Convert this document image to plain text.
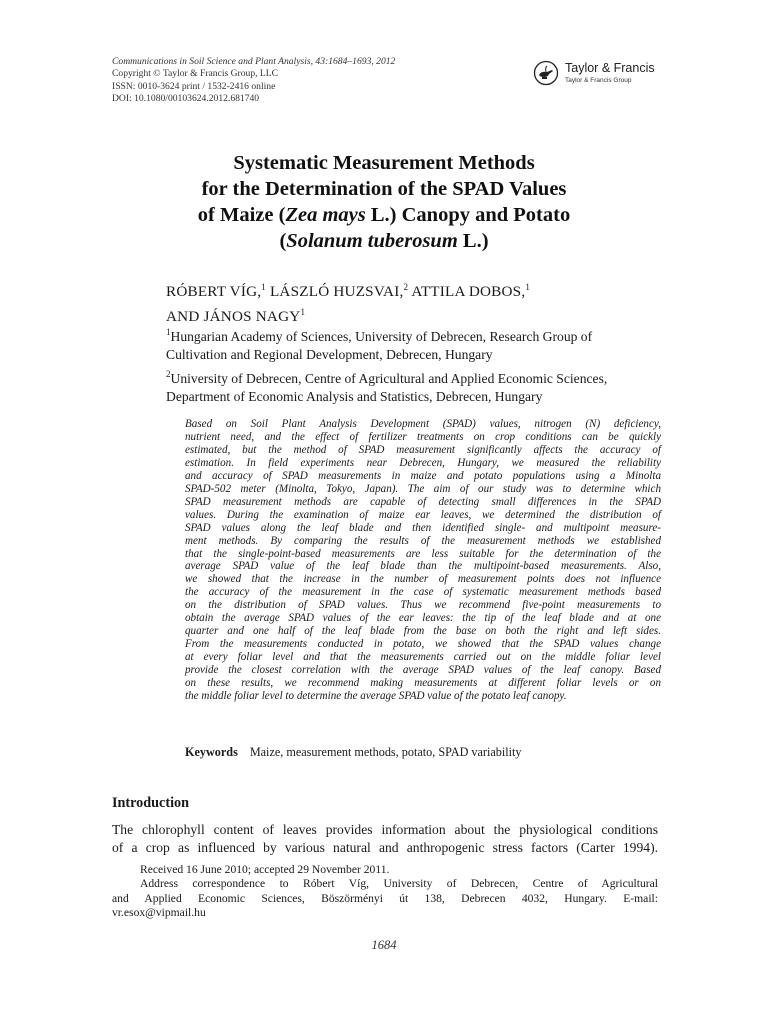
Communications in Soil Science and Plant Analysis, 43:1684–1693, 2012
Copyright © Taylor & Francis Group, LLC
ISSN: 0010-3624 print / 1532-2416 online
DOI: 10.1080/00103624.2012.681740
Taylor & Francis
Taylor & Francis Group
Systematic Measurement Methods
for the Determination of the SPAD Values
of Maize (Zea mays L.) Canopy and Potato
(Solanum tuberosum L.)
RÓBERT VÍG,$^1$ LÁSZLÓ HUZSVAI,$^2$ ATTILA DOBOS,$^1$
AND JÁNOS NAGY$^1$
$^1$Hungarian Academy of Sciences, University of Debrecen, Research Group of
Cultivation and Regional Development, Debrecen, Hungary
$^2$University of Debrecen, Centre of Agricultural and Applied Economic Sciences,
Department of Economic Analysis and Statistics, Debrecen, Hungary
Based on Soil Plant Analysis Development (SPAD) values, nitrogen (N) deficiency,
nutrient need, and the effect of fertilizer treatments on crop conditions can be quickly
estimated, but the method of SPAD measurement significantly affects the accuracy of
estimation. In field experiments near Debrecen, Hungary, we measured the reliability
and accuracy of SPAD measurements in maize and potato populations using a Minolta
SPAD-502 meter (Minolta, Tokyo, Japan). The aim of our study was to determine which
SPAD measurement methods are capable of detecting small differences in the SPAD
values. During the examination of maize ear leaves, we determined the distribution of
SPAD values along the leaf blade and then identified single- and multipoint measure-
ment methods. By comparing the results of the measurement methods we established
that the single-point-based measurements are less suitable for the determination of the
average SPAD value of the leaf blade than the multipoint-based measurements. Also,
we showed that the increase in the number of measurement points does not influence
the accuracy of the measurement in the case of systematic measurement methods based
on the distribution of SPAD values. Thus we recommend five-point measurements to
obtain the average SPAD values of the ear leaves: the tip of the leaf blade and at one
quarter and one half of the leaf blade from the base on both the right and left sides.
From the measurements conducted in potato, we showed that the SPAD values change
at every foliar level and that the measurements carried out on the middle foliar level
provide the closest correlation with the average SPAD values of the leaf canopy. Based
on these results, we recommend making measurements at different foliar levels or on
the middle foliar level to determine the average SPAD value of the potato leaf canopy.
Keywords Maize, measurement methods, potato, SPAD variability
Introduction
The chlorophyll content of leaves provides information about the physiological conditions
of a crop as influenced by various natural and anthropogenic stress factors (Carter 1994).
Received 16 June 2010; accepted 29 November 2011.
Address correspondence to Róbert Víg, University of Debrecen, Centre of Agricultural
and Applied Economic Sciences, Böszörményi út 138, Debrecen 4032, Hungary. E-mail:
vr.esox@vipmail.hu
1684
